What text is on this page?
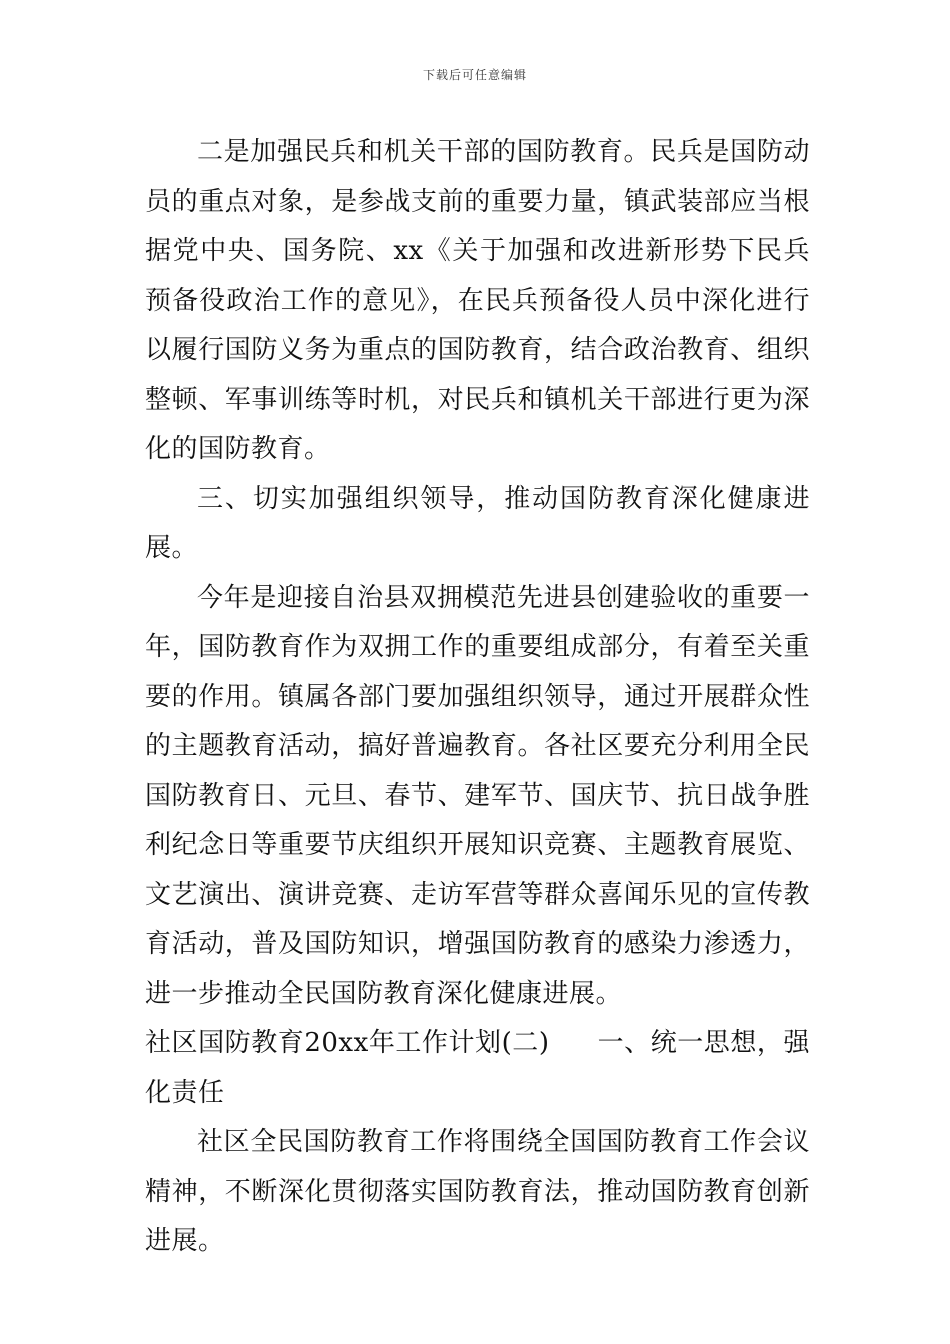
下载后可任意编辑

二是加强民兵和机关干部的国防教育。民兵是国防动员的重点对象，是参战支前的重要力量，镇武装部应当根据党中央、国务院、xx《关于加强和改进新形势下民兵预备役政治工作的意见》，在民兵预备役人员中深化进行以履行国防义务为重点的国防教育，结合政治教育、组织整顿、军事训练等时机，对民兵和镇机关干部进行更为深化的国防教育。

三、切实加强组织领导，推动国防教育深化健康进展。

今年是迎接自治县双拥模范先进县创建验收的重要一年，国防教育作为双拥工作的重要组成部分，有着至关重要的作用。镇属各部门要加强组织领导，通过开展群众性的主题教育活动，搞好普遍教育。各社区要充分利用全民国防教育日、元旦、春节、建军节、国庆节、抗日战争胜利纪念日等重要节庆组织开展知识竞赛、主题教育展览、文艺演出、演讲竞赛、走访军营等群众喜闻乐见的宣传教育活动，普及国防知识，增强国防教育的感染力渗透力，进一步推动全民国防教育深化健康进展。

社区国防教育20xx年工作计划(二) 一、统一思想，强化责任

社区全民国防教育工作将围绕全国国防教育工作会议精神，不断深化贯彻落实国防教育法，推动国防教育创新进展。
